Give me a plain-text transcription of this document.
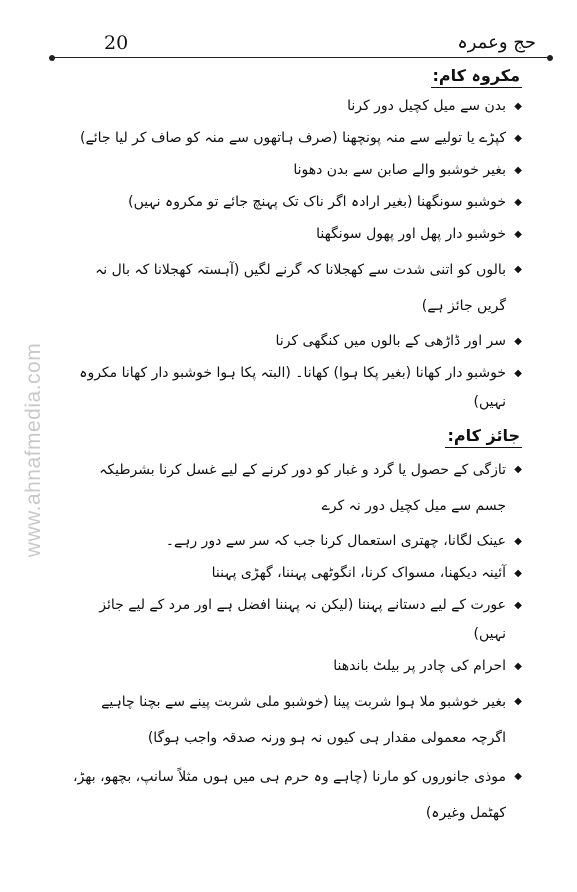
20	حج وعمرہ
www.ahnafmedia.com
مکروہ کام:
◆
بدن سے میل کچیل دور کرنا
◆
کپڑے یا تولیے سے منہ پونچھنا (صرف ہاتھوں سے منہ کو صاف کر لیا جائے)
◆
بغیر خوشبو والے صابن سے بدن دھونا
◆
خوشبو سونگھنا (بغیر ارادہ اگر ناک تک پہنچ جائے تو مکروہ نہیں)
◆
خوشبو دار پھل اور پھول سونگھنا
◆
بالوں کو اتنی شدت سے کھجلانا کہ گرنے لگیں (آہستہ کھجلانا کہ بال نہ گریں جائز ہے)
◆
سر اور ڈاڑھی کے بالوں میں کنگھی کرنا
◆
خوشبو دار کھانا (بغیر پکا ہوا) کھانا۔ (البتہ پکا ہوا خوشبو دار کھانا مکروہ نہیں)
جائز کام:
◆
تازگی کے حصول یا گرد و غبار کو دور کرنے کے لیے غسل کرنا بشرطیکہ جسم سے میل کچیل دور نہ کرے
◆
عینک لگانا، چھتری استعمال کرنا جب کہ سر سے دور رہے۔
◆
آئینہ دیکھنا، مسواک کرنا، انگوٹھی پہننا، گھڑی پہننا
◆
عورت کے لیے دستانے پہننا (لیکن نہ پہننا افضل ہے اور مرد کے لیے جائز نہیں)
◆
احرام کی چادر پر بیلٹ باندھنا
◆
بغیر خوشبو ملا ہوا شربت پینا (خوشبو ملی شربت پینے سے بچنا چاہیے اگرچہ معمولی مقدار ہی کیوں نہ ہو ورنہ صدقہ واجب ہوگا)
◆
موذی جانوروں کو مارنا (چاہے وہ حرم ہی میں ہوں مثلاً سانپ، بچھو، بھڑ، کھٹمل وغیرہ)
